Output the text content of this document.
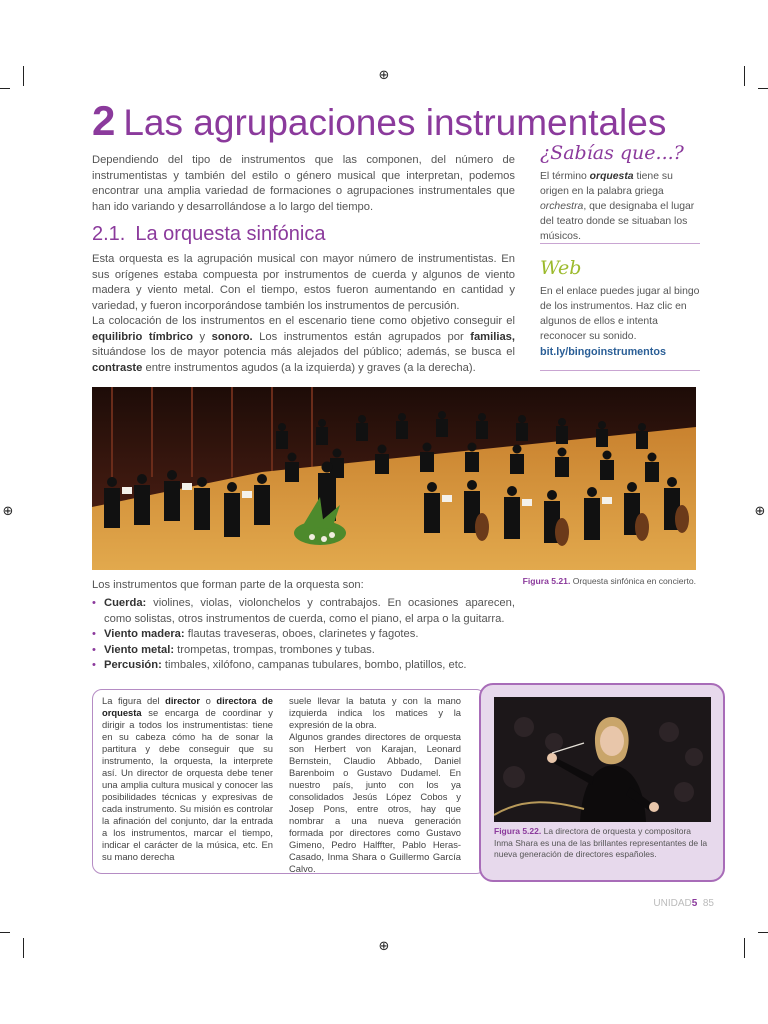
⊕
⊕
⊕	⊕
2 Las agrupaciones instrumentales
Dependiendo del tipo de instrumentos que las componen, del número de instrumentistas y también del estilo o género musical que interpretan, podemos encontrar una amplia variedad de formaciones o agrupaciones instrumentales que han ido variando y desarrollándose a lo largo del tiempo.
2.1. La orquesta sinfónica
Esta orquesta es la agrupación musical con mayor número de instrumentistas. En sus orígenes estaba compuesta por instrumentos de cuerda y algunos de viento madera y viento metal. Con el tiempo, estos fueron aumentando en cantidad y variedad, y fueron incorporándose también los instrumentos de percusión.
La colocación de los instrumentos en el escenario tiene como objetivo conseguir el equilibrio tímbrico y sonoro. Los instrumentos están agrupados por familias, situándose los de mayor potencia más alejados del público; además, se busca el contraste entre instrumentos agudos (a la izquierda) y graves (a la derecha).
¿Sabías que...?
El término orquesta tiene su origen en la palabra griega orchestra, que designaba el lugar del teatro donde se situaban los músicos.
Web
En el enlace puedes jugar al bingo de los instrumentos. Haz clic en algunos de ellos e intenta reconocer su sonido.
bit.ly/bingoinstrumentos
Los instrumentos que forman parte de la orquesta son:	Figura 5.21. Orquesta sinfónica en concierto.
• Cuerda: violines, violas, violonchelos y contrabajos. En ocasiones aparecen, como solistas, otros instrumentos de cuerda, como el piano, el arpa o la guitarra.
• Viento madera: flautas traveseras, oboes, clarinetes y fagotes.
• Viento metal: trompetas, trompas, trombones y tubas.
• Percusión: timbales, xilófono, campanas tubulares, bombo, platillos, etc.
La figura del director o directora de orquesta se encarga de coordinar y dirigir a todos los instrumentistas: tiene en su cabeza cómo ha de sonar la partitura y debe conseguir que su instrumento, la orquesta, la interprete así. Un director de orquesta debe tener una amplia cultura musical y conocer las posibilidades técnicas y expresivas de cada instrumento. Su misión es controlar la afinación del conjunto, dar la entrada a los instrumentos, marcar el tiempo, indicar el carácter de la música, etc. En su mano derecha
suele llevar la batuta y con la mano izquierda indica los matices y la expresión de la obra.
Algunos grandes directores de orquesta son Herbert von Karajan, Leonard Bernstein, Claudio Abbado, Daniel Barenboim o Gustavo Dudamel. En nuestro país, junto con los ya consolidados Jesús López Cobos y Josep Pons, entre otros, hay que nombrar a una nueva generación formada por directores como Gustavo Gimeno, Pedro Halffter, Pablo Heras-Casado, Inma Shara o Guillermo García Calvo.
Figura 5.22. La directora de orquesta y compositora Inma Shara es una de las brillantes representantes de la nueva generación de directores españoles.
UNIDAD5 85
